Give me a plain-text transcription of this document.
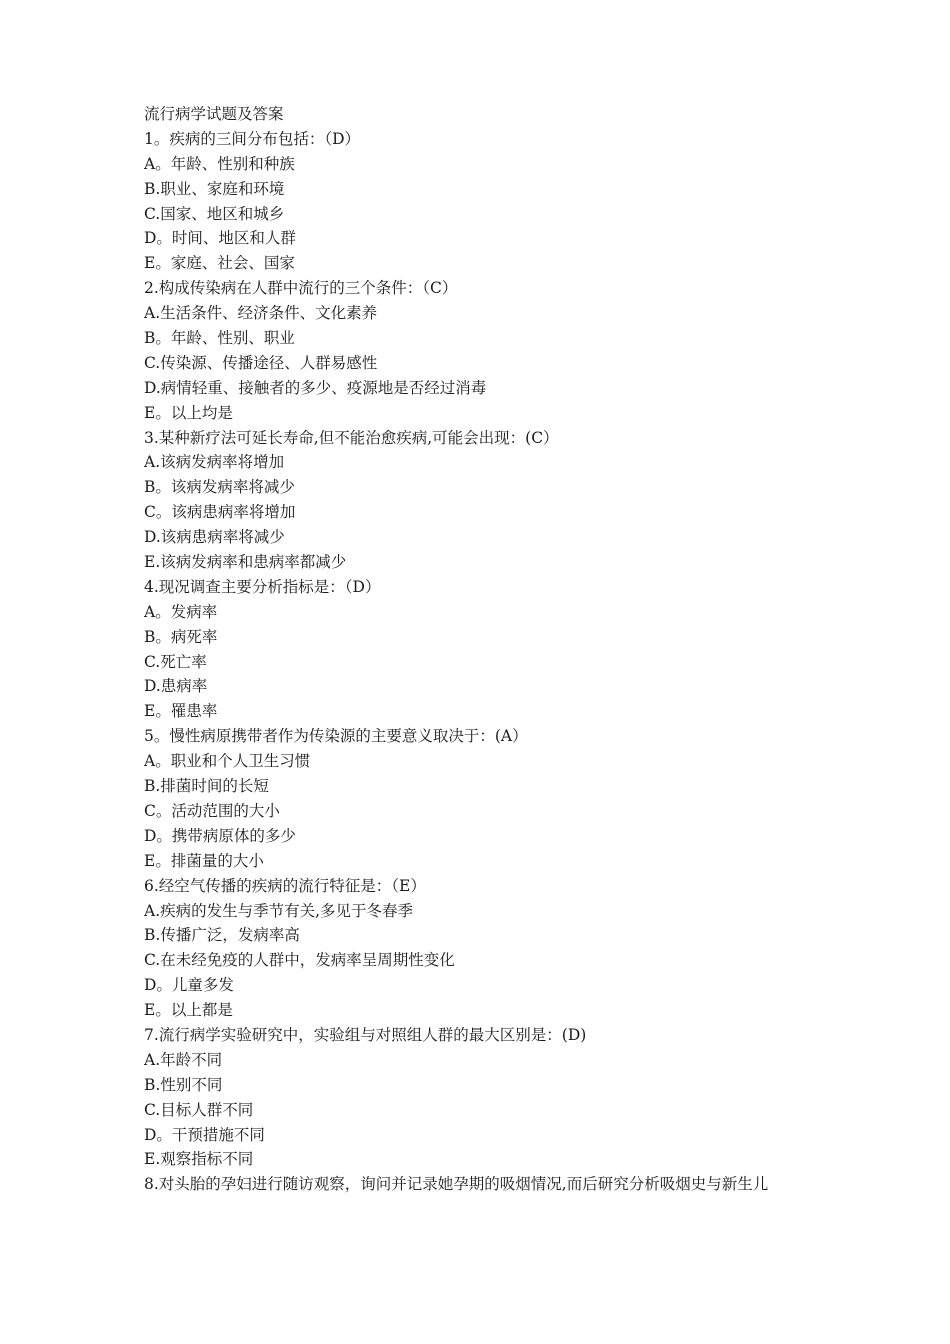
流行病学试题及答案
1。疾病的三间分布包括：（D）
A。年龄、性别和种族
B.职业、家庭和环境
C.国家、地区和城乡
D。时间、地区和人群
E。家庭、社会、国家
2.构成传染病在人群中流行的三个条件：（C）
A.生活条件、经济条件、文化素养
B。年龄、性别、职业
C.传染源、传播途径、人群易感性
D.病情轻重、接触者的多少、疫源地是否经过消毒
E。以上均是
3.某种新疗法可延长寿命,但不能治愈疾病,可能会出现：(C）
A.该病发病率将增加
B。该病发病率将减少
C。该病患病率将增加
D.该病患病率将减少
E.该病发病率和患病率都减少
4.现况调查主要分析指标是：（D）
A。发病率
B。病死率
C.死亡率
D.患病率
E。罹患率
5。慢性病原携带者作为传染源的主要意义取决于：(A）
A。职业和个人卫生习惯
B.排菌时间的长短
C。活动范围的大小
D。携带病原体的多少
E。排菌量的大小
6.经空气传播的疾病的流行特征是：（E）
A.疾病的发生与季节有关,多见于冬春季
B.传播广泛，发病率高
C.在未经免疫的人群中，发病率呈周期性变化
D。儿童多发
E。以上都是
7.流行病学实验研究中，实验组与对照组人群的最大区别是：(D)
A.年龄不同
B.性别不同
C.目标人群不同
D。干预措施不同
E.观察指标不同
8.对头胎的孕妇进行随访观察，询问并记录她孕期的吸烟情况,而后研究分析吸烟史与新生儿
